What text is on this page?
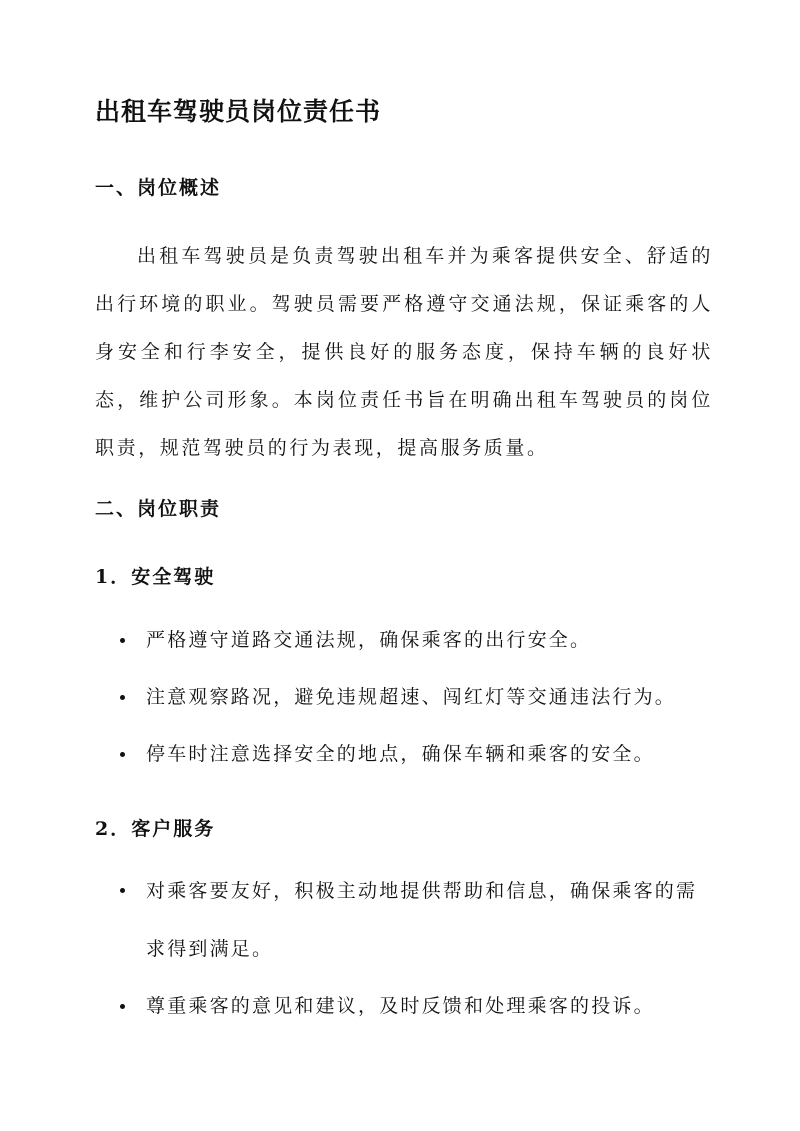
出租车驾驶员岗位责任书
一、岗位概述
出租车驾驶员是负责驾驶出租车并为乘客提供安全、舒适的出行环境的职业。驾驶员需要严格遵守交通法规，保证乘客的人身安全和行李安全，提供良好的服务态度，保持车辆的良好状态，维护公司形象。本岗位责任书旨在明确出租车驾驶员的岗位职责，规范驾驶员的行为表现，提高服务质量。
二、岗位职责
1．安全驾驶
严格遵守道路交通法规，确保乘客的出行安全。
注意观察路况，避免违规超速、闯红灯等交通违法行为。
停车时注意选择安全的地点，确保车辆和乘客的安全。
2．客户服务
对乘客要友好，积极主动地提供帮助和信息，确保乘客的需求得到满足。
尊重乘客的意见和建议，及时反馈和处理乘客的投诉。
